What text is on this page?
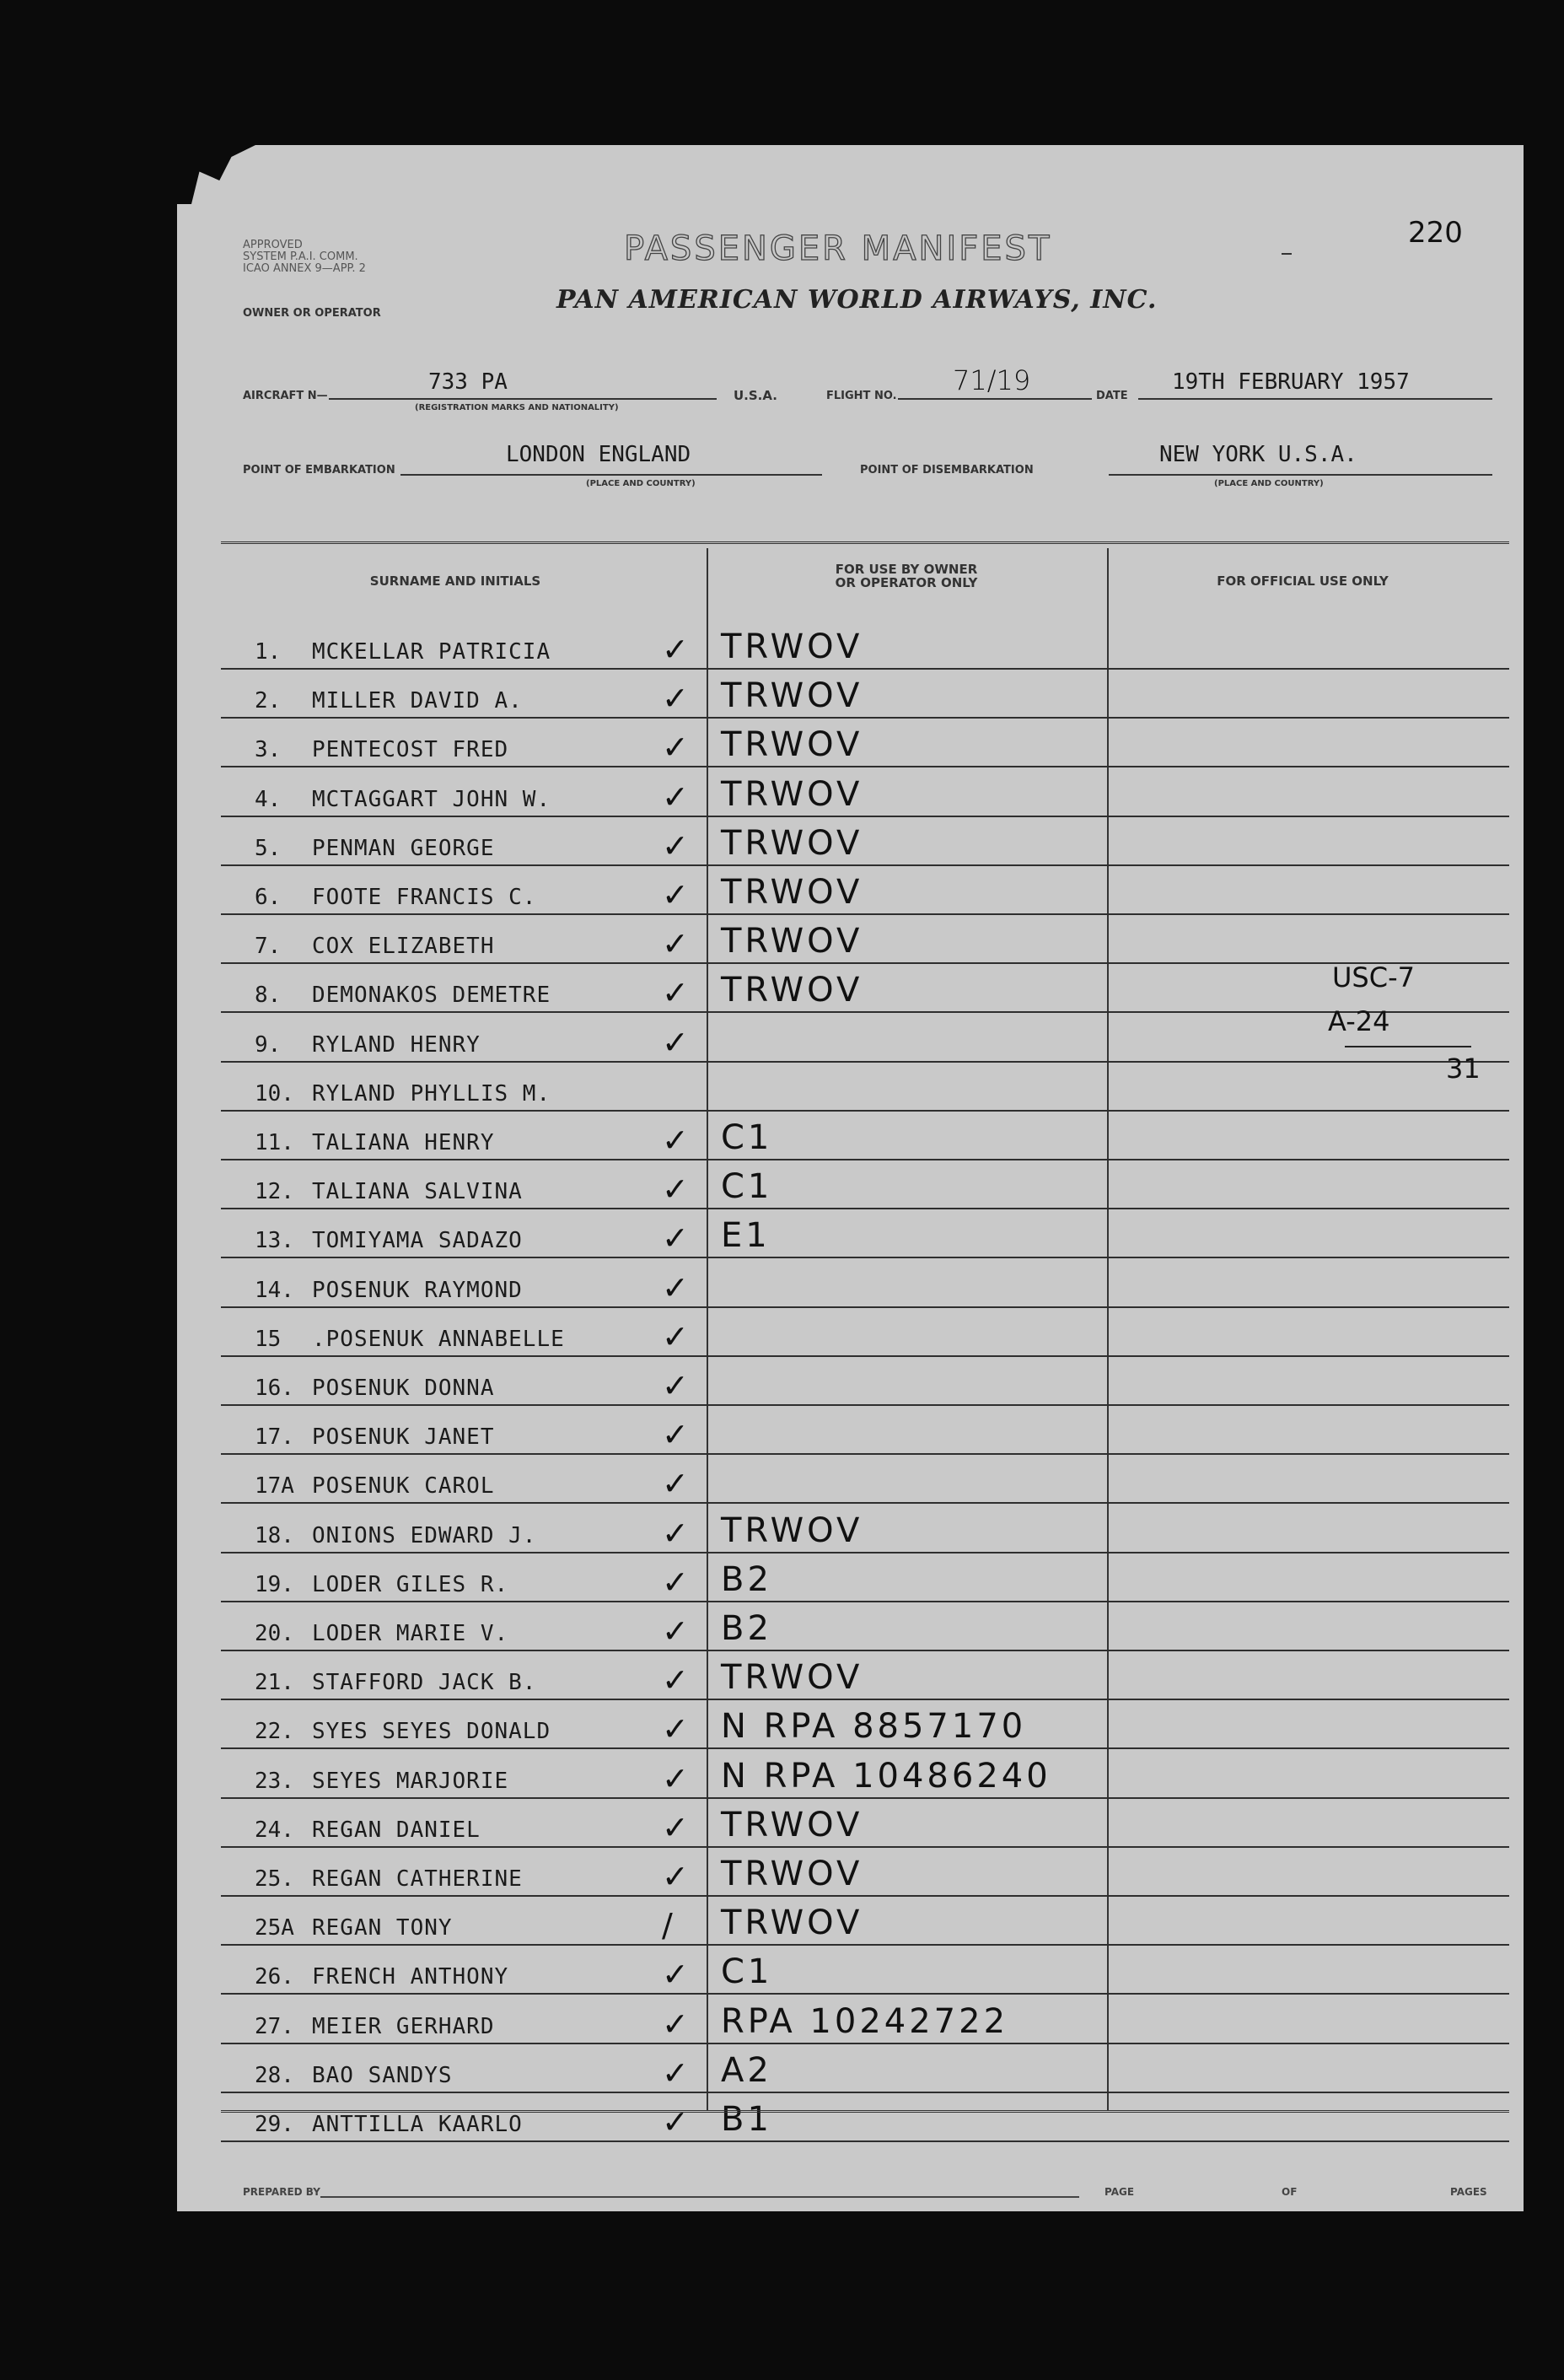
APPROVED
SYSTEM P.A.I. COMM.
ICAO ANNEX 9—APP. 2
PASSENGER MANIFEST	220
OWNER OR OPERATOR	PAN AMERICAN WORLD AIRWAYS, INC.
AIRCRAFT N—
733 PA
(REGISTRATION MARKS AND NATIONALITY)
U.S.A.	FLIGHT NO. 71/19	DATE
19TH FEBRUARY 1957
POINT OF EMBARKATION
LONDON ENGLAND
(PLACE AND COUNTRY)
POINT OF DISEMBARKATION
NEW YORK U.S.A.
(PLACE AND COUNTRY)
SURNAME AND INITIALS
FOR USE BY OWNER
OR OPERATOR ONLY	FOR OFFICIAL USE ONLY
1.	MCKELLAR PATRICIA	✓ TRWOV
2.	MILLER DAVID A.	✓ TRWOV
3.	PENTECOST FRED	✓ TRWOV
4.	MCTAGGART JOHN W.	✓ TRWOV
5.	PENMAN GEORGE	✓ TRWOV
6.	FOOTE FRANCIS C.	✓ TRWOV
7.	COX ELIZABETH	✓ TRWOV
8.	DEMONAKOS DEMETRE	✓ TRWOV
9.	RYLAND HENRY	✓
10. RYLAND PHYLLIS M.
11. TALIANA HENRY	✓ C1
12. TALIANA SALVINA	✓ C1
13. TOMIYAMA SADAZO	✓ E1
14. POSENUK RAYMOND	✓
15	.POSENUK ANNABELLE	✓
16. POSENUK DONNA	✓
17. POSENUK JANET	✓
17A POSENUK CAROL	✓
18. ONIONS EDWARD J.	✓ TRWOV
19. LODER GILES R.	✓ B2
20. LODER MARIE V.	✓ B2
21. STAFFORD JACK B.	✓ TRWOV
22. SYES SEYES DONALD	✓ N RPA 8857170
23. SEYES MARJORIE	✓ N RPA 10486240
24. REGAN DANIEL	✓ TRWOV
25. REGAN CATHERINE	✓ TRWOV
25A REGAN TONY	/ TRWOV
26. FRENCH ANTHONY	✓ C1
27. MEIER GERHARD	✓ RPA 10242722
28. BAO SANDYS	✓ A2
29. ANTTILLA KAARLO	✓ B1
USC-7
A-24
31
PREPARED BY	PAGE	OF	PAGES
